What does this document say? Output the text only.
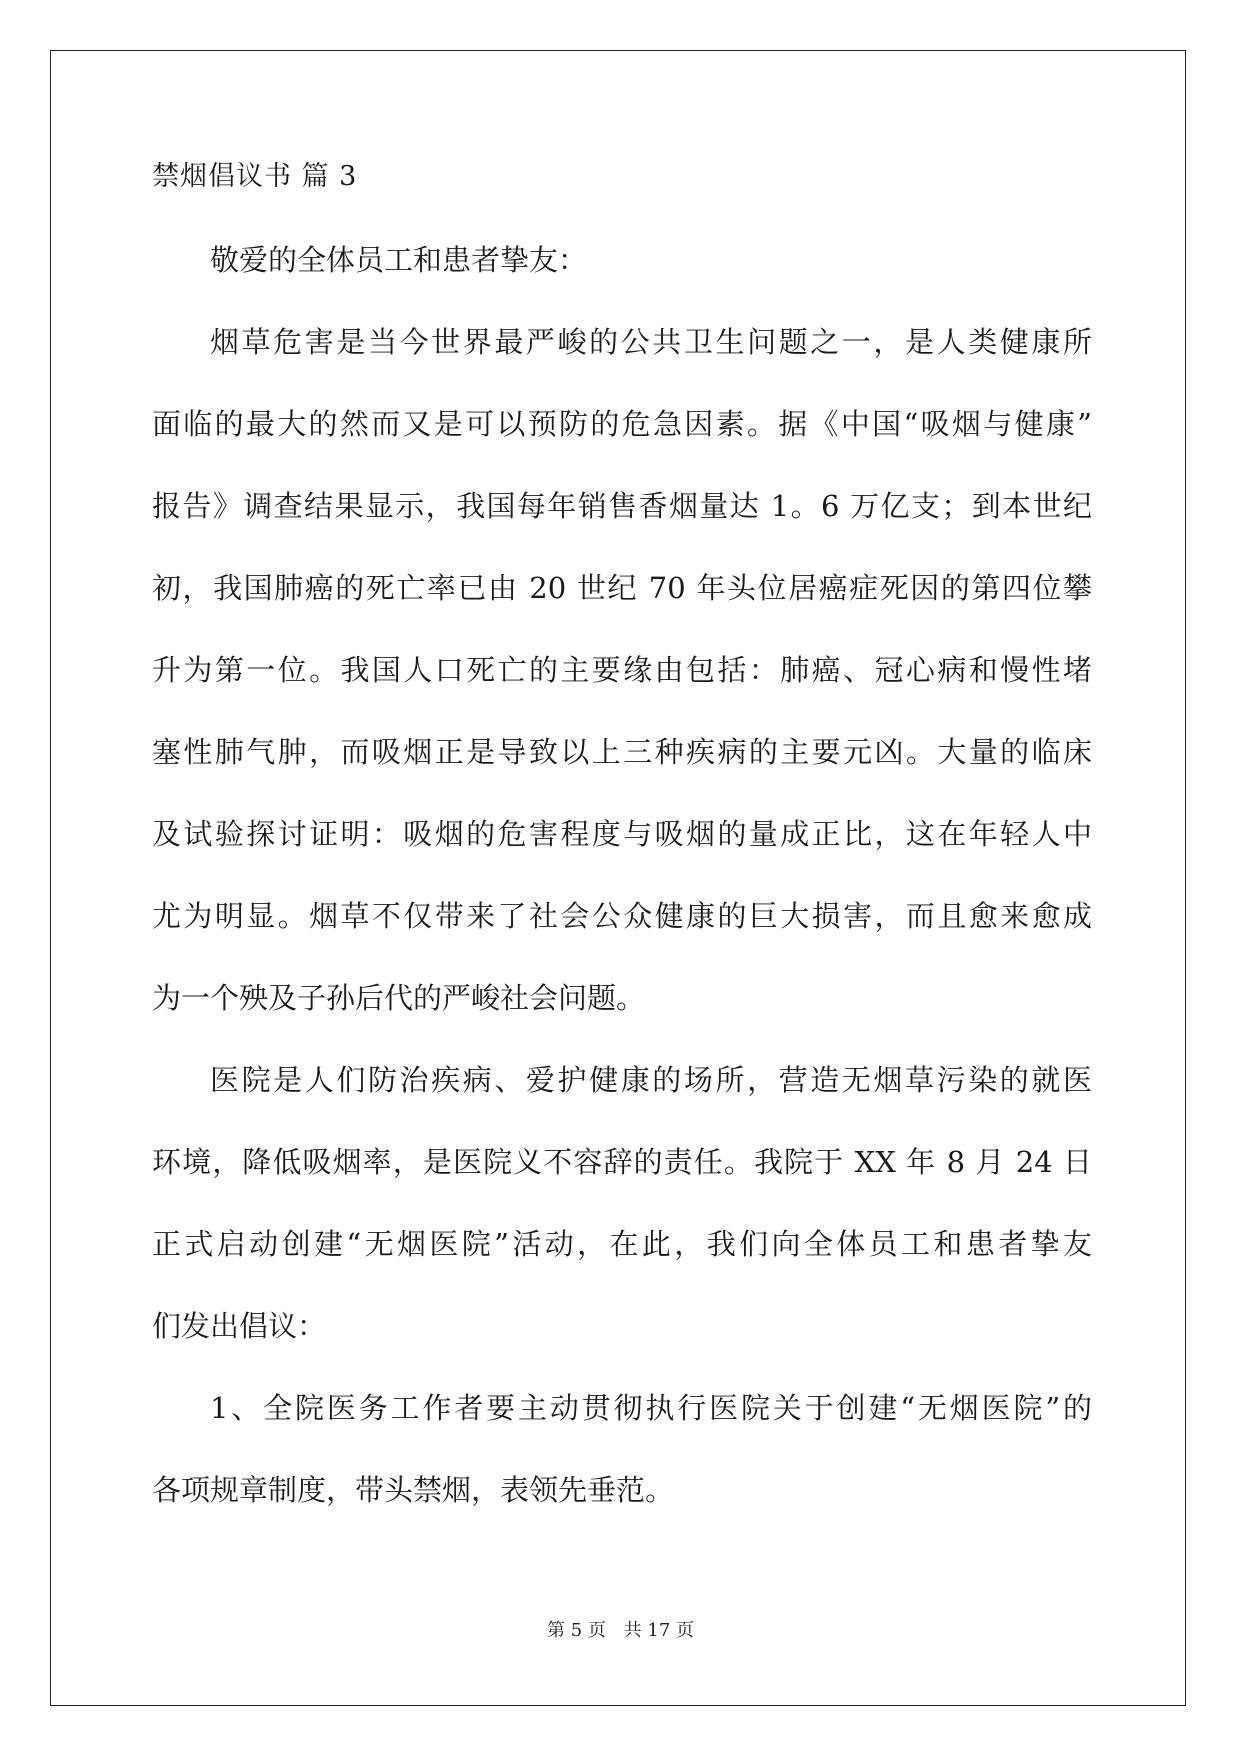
禁烟倡议书 篇 3
敬爱的全体员工和患者挚友：
烟草危害是当今世界最严峻的公共卫生问题之一，是人类健康所
面临的最大的然而又是可以预防的危急因素。据《中国“吸烟与健康”
报告》调查结果显示，我国每年销售香烟量达 1。6 万亿支；到本世纪
初，我国肺癌的死亡率已由 20 世纪 70 年头位居癌症死因的第四位攀
升为第一位。我国人口死亡的主要缘由包括：肺癌、冠心病和慢性堵
塞性肺气肿，而吸烟正是导致以上三种疾病的主要元凶。大量的临床
及试验探讨证明：吸烟的危害程度与吸烟的量成正比，这在年轻人中
尤为明显。烟草不仅带来了社会公众健康的巨大损害，而且愈来愈成
为一个殃及子孙后代的严峻社会问题。
医院是人们防治疾病、爱护健康的场所，营造无烟草污染的就医
环境，降低吸烟率，是医院义不容辞的责任。我院于 XX 年 8 月 24 日
正式启动创建“无烟医院”活动，在此，我们向全体员工和患者挚友
们发出倡议：
1、全院医务工作者要主动贯彻执行医院关于创建“无烟医院”的
各项规章制度，带头禁烟，表领先垂范。
第 5 页 共 17 页
